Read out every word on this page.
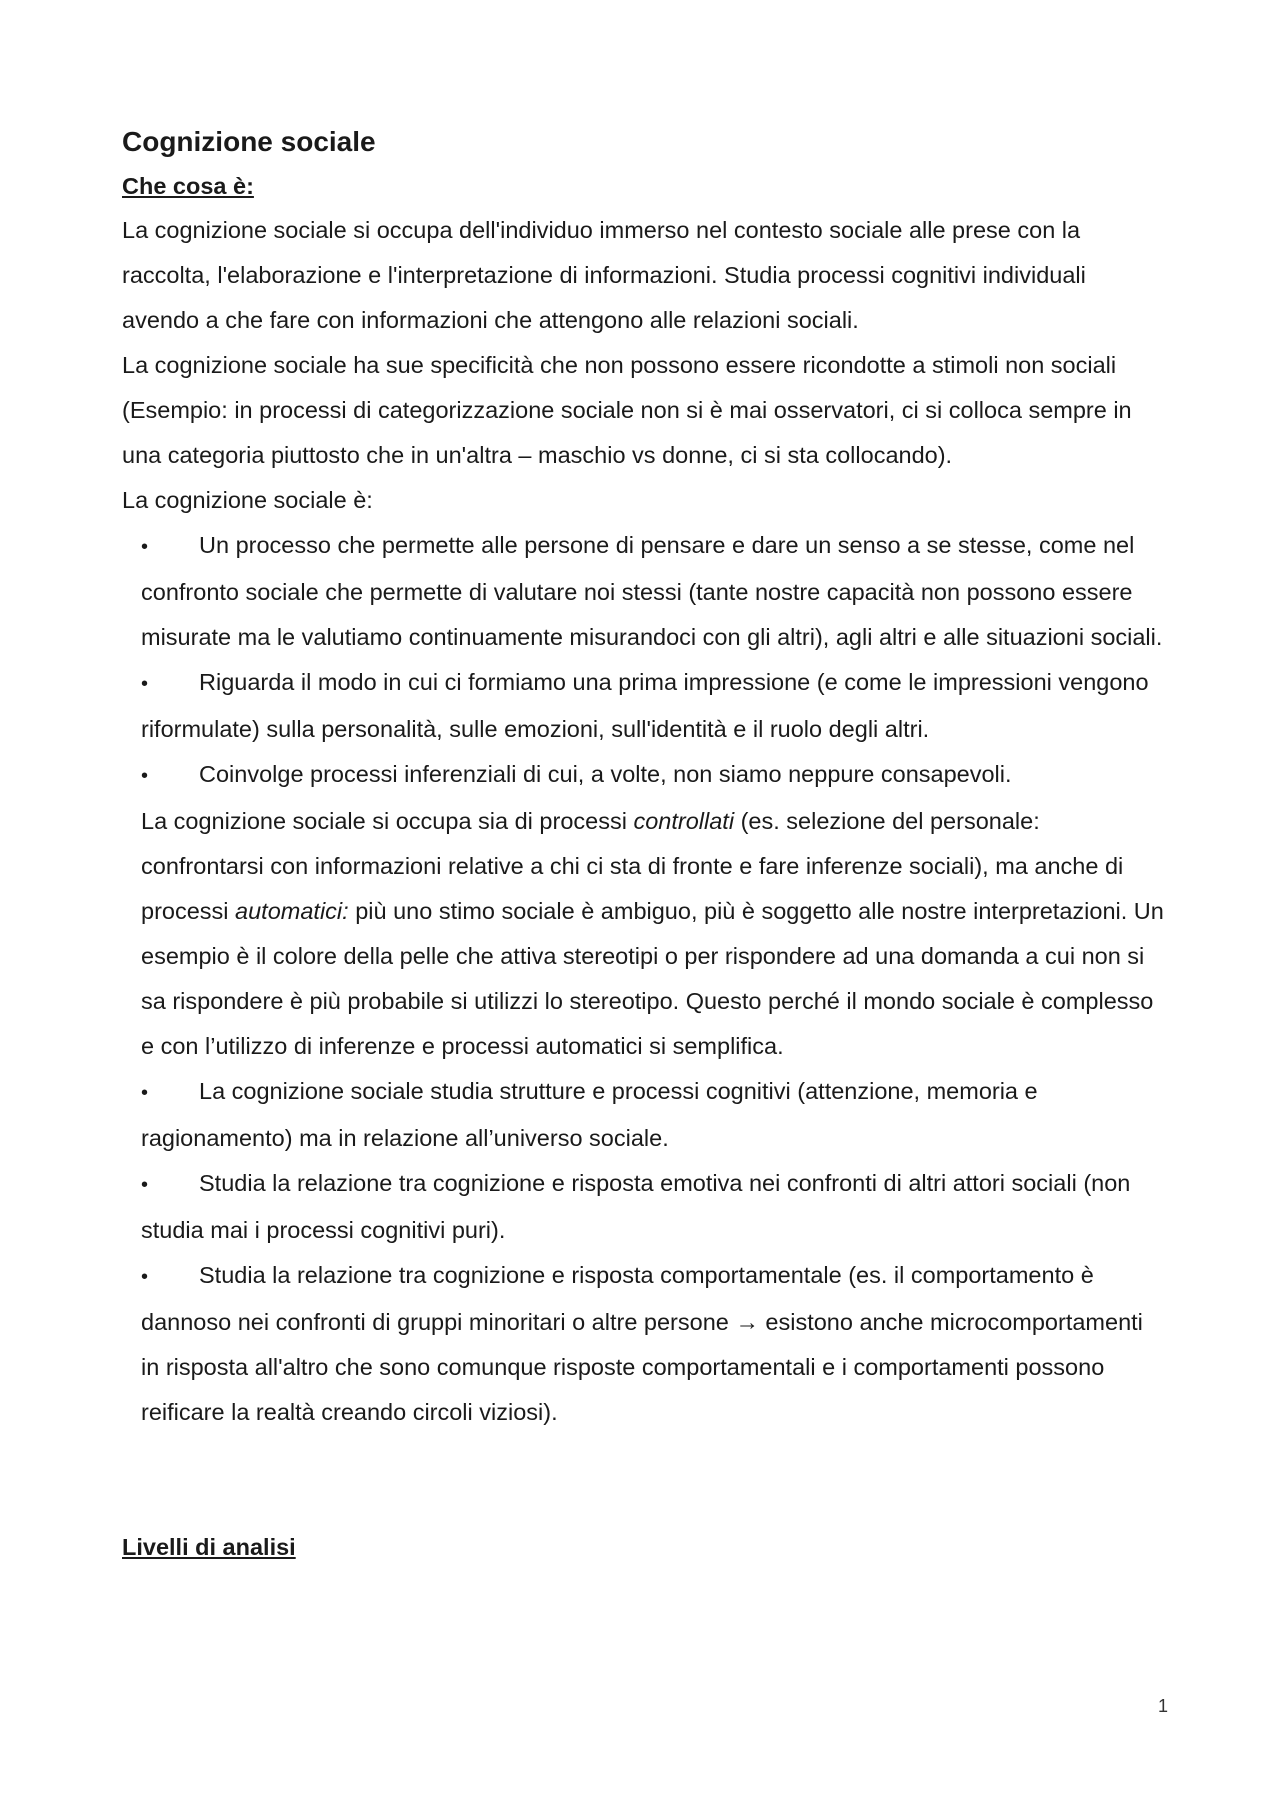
Cognizione sociale

Che cosa è:

La cognizione sociale si occupa dell'individuo immerso nel contesto sociale alle prese con la raccolta, l'elaborazione e l'interpretazione di informazioni. Studia processi cognitivi individuali avendo a che fare con informazioni che attengono alle relazioni sociali.

La cognizione sociale ha sue specificità che non possono essere ricondotte a stimoli non sociali (Esempio: in processi di categorizzazione sociale non si è mai osservatori, ci si colloca sempre in una categoria piuttosto che in un'altra – maschio vs donne, ci si sta collocando).

La cognizione sociale è:

• Un processo che permette alle persone di pensare e dare un senso a se stesse, come nel confronto sociale che permette di valutare noi stessi (tante nostre capacità non possono essere misurate ma le valutiamo continuamente misurandoci con gli altri), agli altri e alle situazioni sociali.

• Riguarda il modo in cui ci formiamo una prima impressione (e come le impressioni vengono riformulate) sulla personalità, sulle emozioni, sull'identità e il ruolo degli altri.

• Coinvolge processi inferenziali di cui, a volte, non siamo neppure consapevoli.

La cognizione sociale si occupa sia di processi controllati (es. selezione del personale: confrontarsi con informazioni relative a chi ci sta di fronte e fare inferenze sociali), ma anche di processi automatici: più uno stimo sociale è ambiguo, più è soggetto alle nostre interpretazioni. Un esempio è il colore della pelle che attiva stereotipi o per rispondere ad una domanda a cui non si sa rispondere è più probabile si utilizzi lo stereotipo. Questo perché il mondo sociale è complesso e con l’utilizzo di inferenze e processi automatici si semplifica.

• La cognizione sociale studia strutture e processi cognitivi (attenzione, memoria e ragionamento) ma in relazione all’universo sociale.

• Studia la relazione tra cognizione e risposta emotiva nei confronti di altri attori sociali (non studia mai i processi cognitivi puri).

• Studia la relazione tra cognizione e risposta comportamentale (es. il comportamento è dannoso nei confronti di gruppi minoritari o altre persone → esistono anche microcomportamenti in risposta all'altro che sono comunque risposte comportamentali e i comportamenti possono reificare la realtà creando circoli viziosi).

Livelli di analisi

1
